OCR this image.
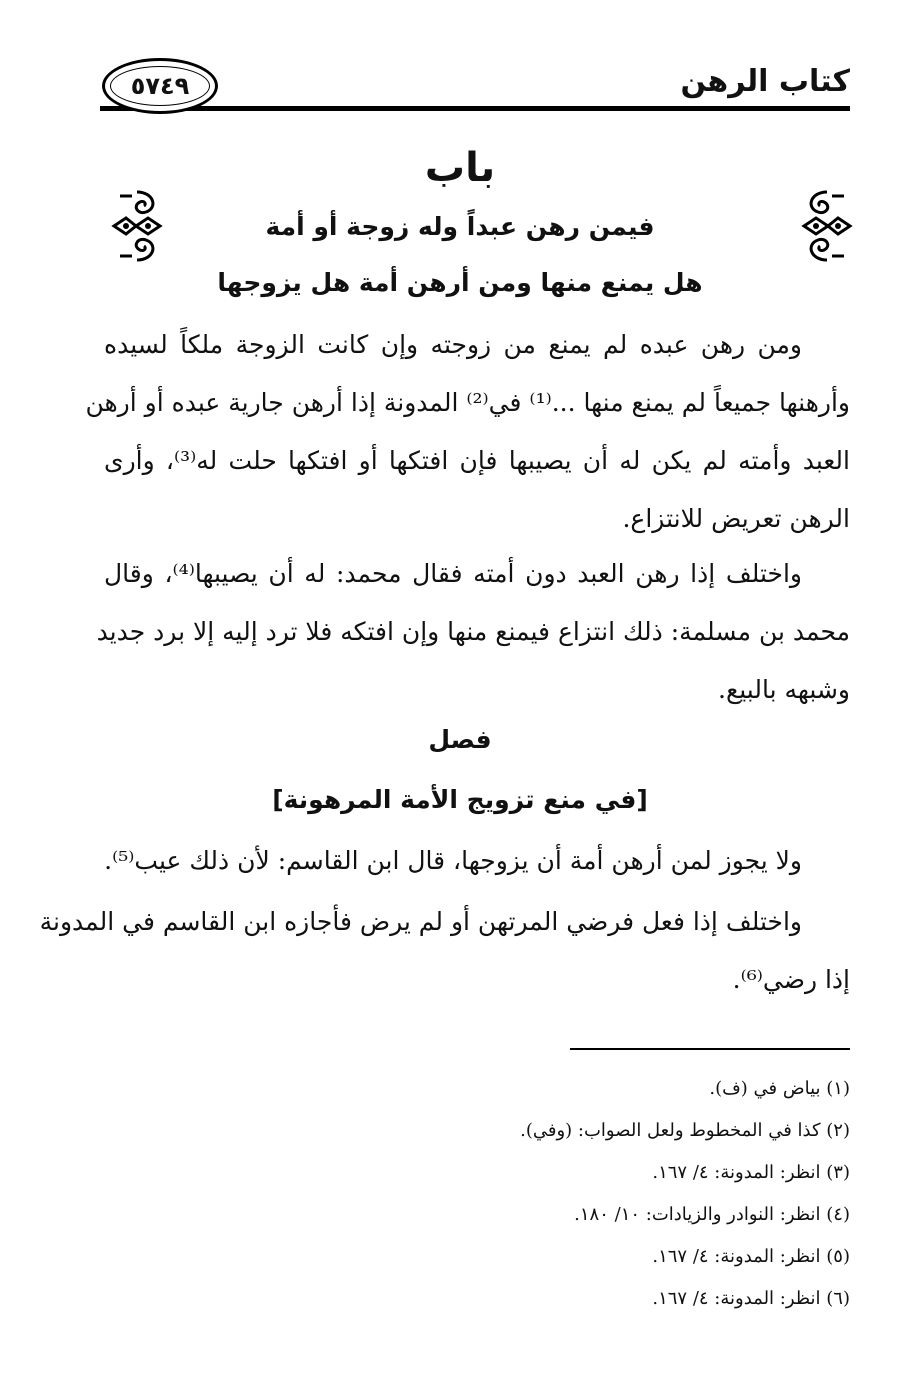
كتاب الرهن
٥٧٤٩
باب
فيمن رهن عبداً وله زوجة أو أمة
هل يمنع منها ومن أرهن أمة هل يزوجها
ومن رهن عبده لم يمنع من زوجته وإن كانت الزوجة ملكاً لسيده
وأرهنها جميعاً لم يمنع منها ...⁽¹⁾ في⁽²⁾ المدونة إذا أرهن جارية عبده أو أرهن
العبد وأمته لم يكن له أن يصيبها فإن افتكها أو افتكها حلت له⁽³⁾، وأرى
الرهن تعريض للانتزاع.
واختلف إذا رهن العبد دون أمته فقال محمد: له أن يصيبها⁽⁴⁾، وقال
محمد بن مسلمة: ذلك انتزاع فيمنع منها وإن افتكه فلا ترد إليه إلا برد جديد
وشبهه بالبيع.
فصل
[في منع تزويج الأمة المرهونة]
ولا يجوز لمن أرهن أمة أن يزوجها، قال ابن القاسم: لأن ذلك عيب⁽⁵⁾.
واختلف إذا فعل فرضي المرتهن أو لم يرض فأجازه ابن القاسم في المدونة
إذا رضي⁽⁶⁾.
(١) بياض في (ف).
(٢) كذا في المخطوط ولعل الصواب: (وفي).
(٣) انظر: المدونة: ٤/ ١٦٧.
(٤) انظر: النوادر والزيادات: ١٠/ ١٨٠.
(٥) انظر: المدونة: ٤/ ١٦٧.
(٦) انظر: المدونة: ٤/ ١٦٧.
